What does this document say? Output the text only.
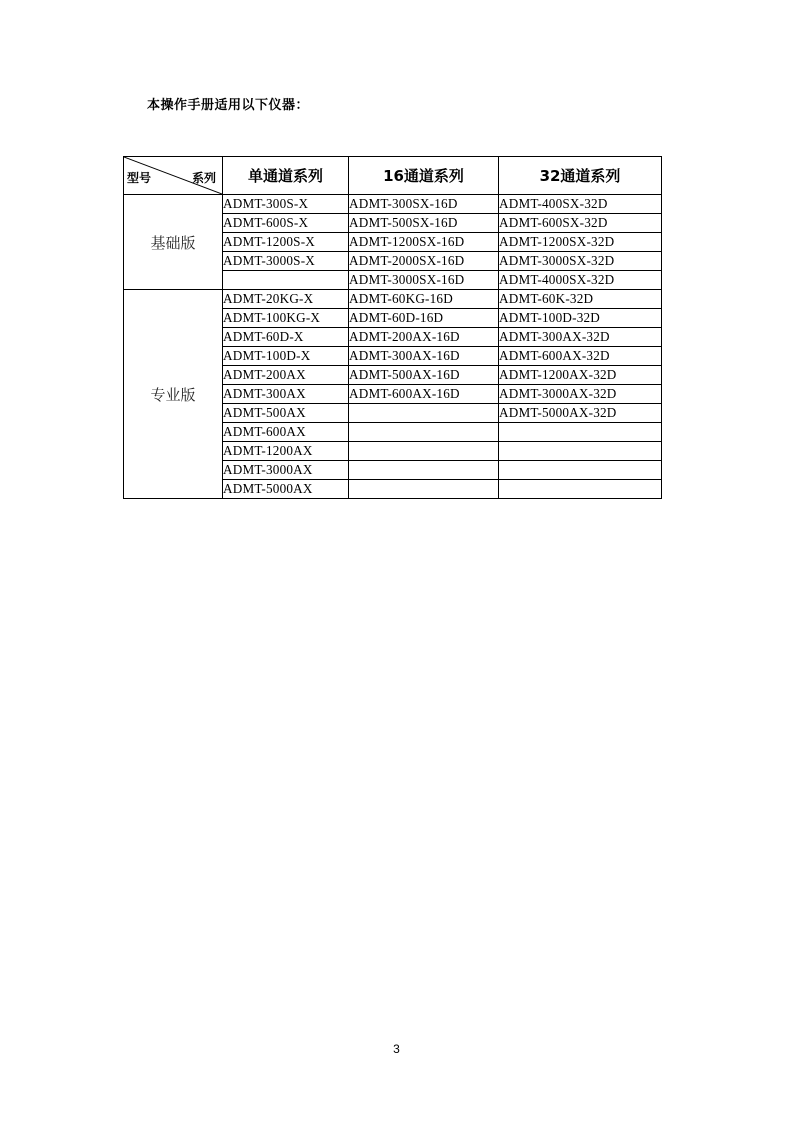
本操作手册适用以下仪器：
型号 系列	单通道系列	16通道系列	32通道系列
基础版	ADMT-300S-X	ADMT-300SX-16D	ADMT-400SX-32D
	ADMT-600S-X	ADMT-500SX-16D	ADMT-600SX-32D
	ADMT-1200S-X	ADMT-1200SX-16D	ADMT-1200SX-32D
	ADMT-3000S-X	ADMT-2000SX-16D	ADMT-3000SX-32D
		ADMT-3000SX-16D	ADMT-4000SX-32D
专业版	ADMT-20KG-X	ADMT-60KG-16D	ADMT-60K-32D
	ADMT-100KG-X	ADMT-60D-16D	ADMT-100D-32D
	ADMT-60D-X	ADMT-200AX-16D	ADMT-300AX-32D
	ADMT-100D-X	ADMT-300AX-16D	ADMT-600AX-32D
	ADMT-200AX	ADMT-500AX-16D	ADMT-1200AX-32D
	ADMT-300AX	ADMT-600AX-16D	ADMT-3000AX-32D
	ADMT-500AX		ADMT-5000AX-32D
	ADMT-600AX		
	ADMT-1200AX		
	ADMT-3000AX		
	ADMT-5000AX		
3
